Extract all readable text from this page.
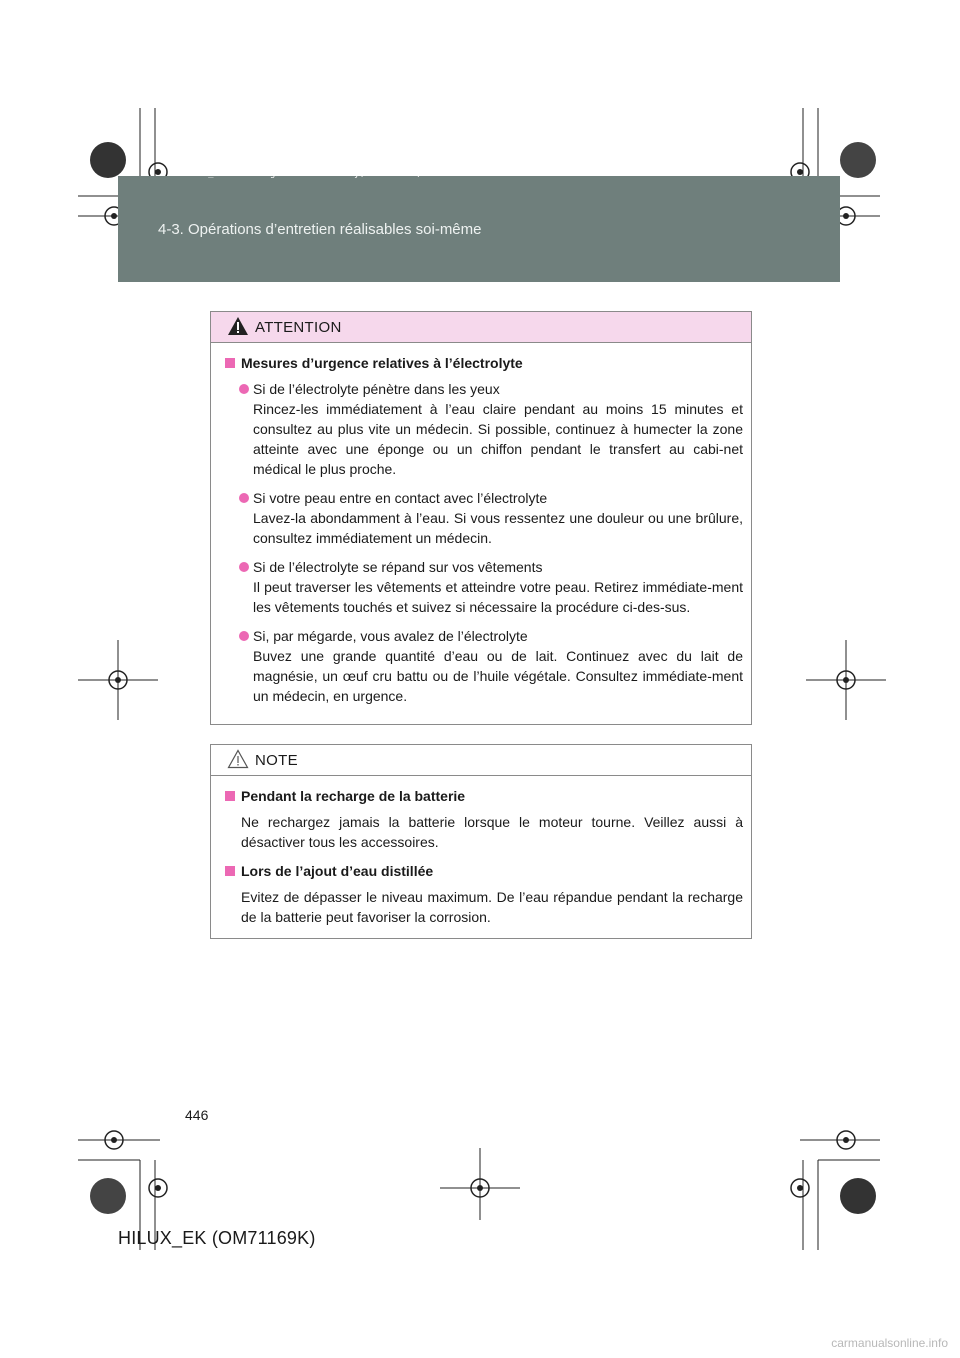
HILUX_EK.book Page 446 Wednesday, March 23, 2011 3:03 PM
4-3. Opérations d’entretien réalisables soi-même
ATTENTION
Mesures d’urgence relatives à l’électrolyte

Si de l’électrolyte pénètre dans les yeux

Rincez-les immédiatement à l’eau claire pendant au moins 15 minutes et consultez au plus vite un médecin. Si possible, continuez à humecter la zone atteinte avec une éponge ou un chiffon pendant le transfert au cabi-net médical le plus proche.

Si votre peau entre en contact avec l’électrolyte

Lavez-la abondamment à l’eau. Si vous ressentez une douleur ou une brûlure, consultez immédiatement un médecin.

Si de l’électrolyte se répand sur vos vêtements

Il peut traverser les vêtements et atteindre votre peau. Retirez immédiate-ment les vêtements touchés et suivez si nécessaire la procédure ci-des-sus.

Si, par mégarde, vous avalez de l’électrolyte

Buvez une grande quantité d’eau ou de lait. Continuez avec du lait de magnésie, un œuf cru battu ou de l’huile végétale. Consultez immédiate-ment un médecin, en urgence.

NOTE
Pendant la recharge de la batterie

Ne rechargez jamais la batterie lorsque le moteur tourne. Veillez aussi à désactiver tous les accessoires.

Lors de l’ajout d’eau distillée

Evitez de dépasser le niveau maximum. De l’eau répandue pendant la recharge de la batterie peut favoriser la corrosion.

446
HILUX_EK (OM71169K)
carmanualsonline.info
